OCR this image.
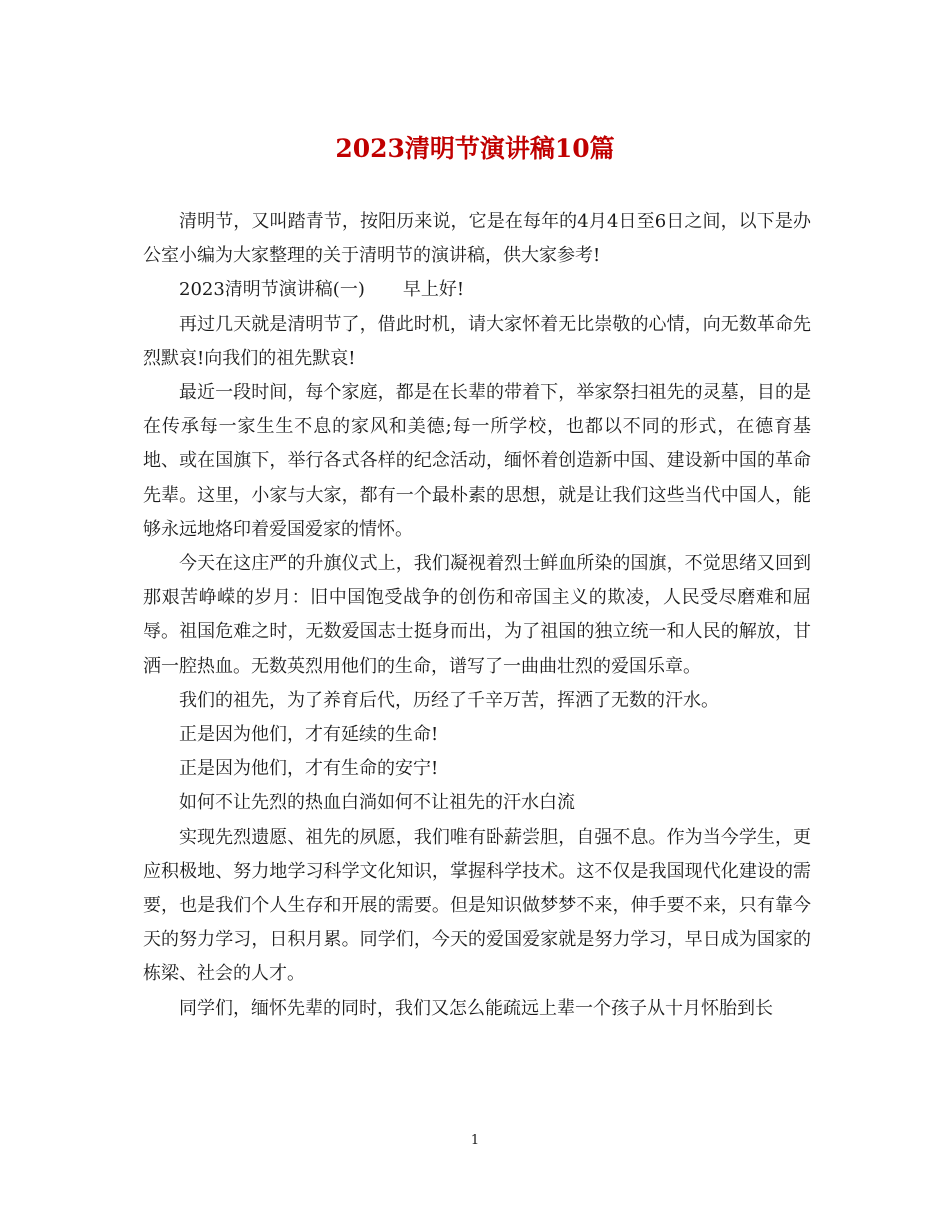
2023清明节演讲稿10篇

清明节，又叫踏青节，按阳历来说，它是在每年的4月4日至6日之间，以下是办公室小编为大家整理的关于清明节的演讲稿，供大家参考!

2023清明节演讲稿(一) 早上好!

再过几天就是清明节了，借此时机，请大家怀着无比崇敬的心情，向无数革命先烈默哀!向我们的祖先默哀!

最近一段时间，每个家庭，都是在长辈的带着下，举家祭扫祖先的灵墓，目的是在传承每一家生生不息的家风和美德;每一所学校，也都以不同的形式，在德育基地、或在国旗下，举行各式各样的纪念活动，缅怀着创造新中国、建设新中国的革命先辈。这里，小家与大家，都有一个最朴素的思想，就是让我们这些当代中国人，能够永远地烙印着爱国爱家的情怀。

今天在这庄严的升旗仪式上，我们凝视着烈士鲜血所染的国旗，不觉思绪又回到那艰苦峥嵘的岁月：旧中国饱受战争的创伤和帝国主义的欺凌，人民受尽磨难和屈辱。祖国危难之时，无数爱国志士挺身而出，为了祖国的独立统一和人民的解放，甘洒一腔热血。无数英烈用他们的生命，谱写了一曲曲壮烈的爱国乐章。

我们的祖先，为了养育后代，历经了千辛万苦，挥洒了无数的汗水。

正是因为他们，才有延续的生命!

正是因为他们，才有生命的安宁!

如何不让先烈的热血白淌如何不让祖先的汗水白流

实现先烈遗愿、祖先的夙愿，我们唯有卧薪尝胆，自强不息。作为当今学生，更应积极地、努力地学习科学文化知识，掌握科学技术。这不仅是我国现代化建设的需要，也是我们个人生存和开展的需要。但是知识做梦梦不来，伸手要不来，只有靠今天的努力学习，日积月累。同学们，今天的爱国爱家就是努力学习，早日成为国家的栋梁、社会的人才。

同学们，缅怀先辈的同时，我们又怎么能疏远上辈一个孩子从十月怀胎到长

1
